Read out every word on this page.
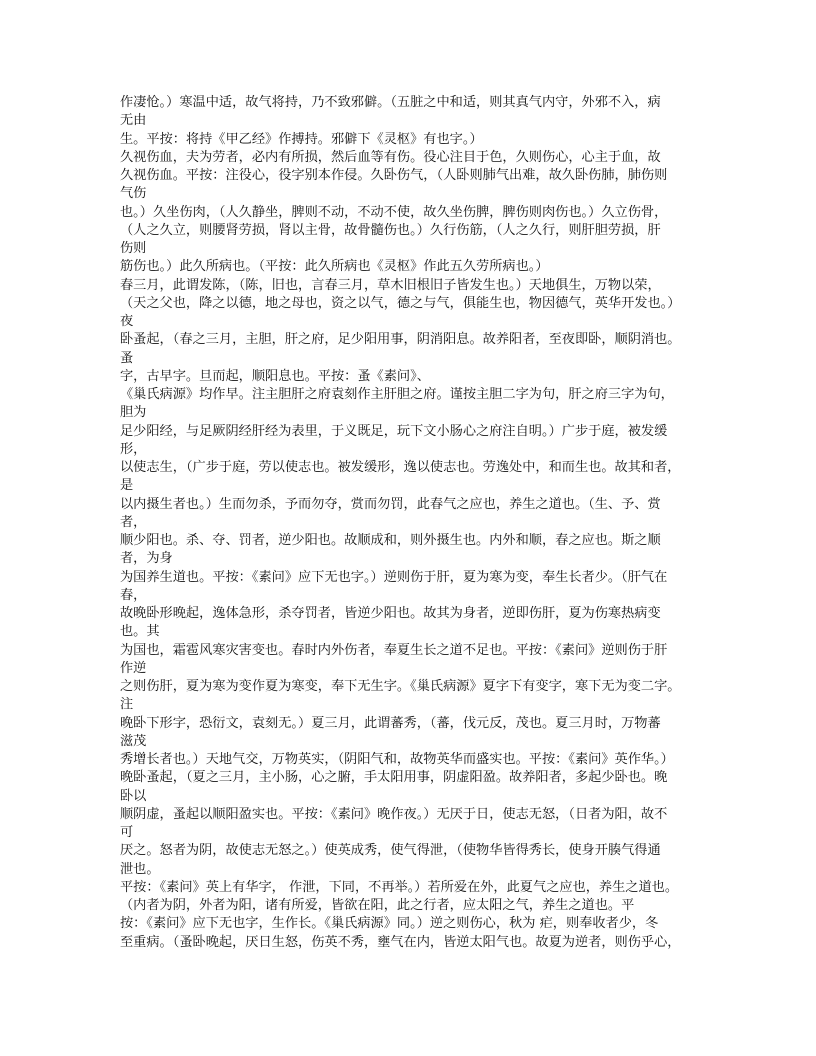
作凄怆。）寒温中适，故气将持，乃不致邪僻。（五脏之中和适，则其真气内守，外邪不入，病
无由
生。平按：将持《甲乙经》作搏持。邪僻下《灵枢》有也字。）
久视伤血，夫为劳者，必内有所损，然后血等有伤。役心注目于色，久则伤心，心主于血，故
久视伤血。平按：注役心，役字别本作侵。久卧伤气，（人卧则肺气出难，故久卧伤肺，肺伤则
气伤
也。）久坐伤肉，（人久静坐，脾则不动，不动不使，故久坐伤脾，脾伤则肉伤也。）久立伤骨，
（人之久立，则腰肾劳损，肾以主骨，故骨髓伤也。）久行伤筋，（人之久行，则肝胆劳损，肝
伤则
筋伤也。）此久所病也。（平按：此久所病也《灵枢》作此五久劳所病也。）
春三月，此谓发陈，（陈，旧也，言春三月，草木旧根旧子皆发生也。）天地俱生，万物以荣，
（天之父也，降之以德，地之母也，资之以气，德之与气，俱能生也，物因德气，英华开发也。）
夜
卧蚤起，（春之三月，主胆，肝之府，足少阳用事，阴消阳息。故养阳者，至夜即卧，顺阴消也。
蚤
字，古早字。旦而起，顺阳息也。平按：蚤《素问》、
《巢氏病源》均作早。注主胆肝之府袁刻作主肝胆之府。谨按主胆二字为句，肝之府三字为句，
胆为
足少阳经，与足厥阴经肝经为表里，于义既足，玩下文小肠心之府注自明。）广步于庭，被发缓
形，
以使志生，（广步于庭，劳以使志也。被发缓形，逸以使志也。劳逸处中，和而生也。故其和者，
是
以内摄生者也。）生而勿杀，予而勿夺，赏而勿罚，此春气之应也，养生之道也。（生、予、赏
者，
顺少阳也。杀、夺、罚者，逆少阳也。故顺成和，则外摄生也。内外和顺，春之应也。斯之顺
者，为身
为国养生道也。平按：《素问》应下无也字。）逆则伤于肝，夏为寒为变，奉生长者少。（肝气在
春，
故晚卧形晚起，逸体急形，杀夺罚者，皆逆少阳也。故其为身者，逆即伤肝，夏为伤寒热病变
也。其
为国也，霜雹风寒灾害变也。春时内外伤者，奉夏生长之道不足也。平按：《素问》逆则伤于肝
作逆
之则伤肝，夏为寒为变作夏为寒变，奉下无生字。《巢氏病源》夏字下有变字，寒下无为变二字。
注
晚卧下形字，恐衍文，袁刻无。）夏三月，此谓蕃秀，（蕃，伐元反，茂也。夏三月时，万物蕃
滋茂
秀增长者也。）天地气交，万物英实，（阴阳气和，故物英华而盛实也。平按：《素问》英作华。）
晚卧蚤起，（夏之三月，主小肠，心之腑，手太阳用事，阴虚阳盈。故养阳者，多起少卧也。晚
卧以
顺阴虚，蚤起以顺阳盈实也。平按：《素问》晚作夜。）无厌于日，使志无怒，（日者为阳，故不
可
厌之。怒者为阴，故使志无怒之。）使英成秀，使气得泄，（使物华皆得秀长，使身开腠气得通
泄也。
平按：《素问》英上有华字， 作泄，下同，不再举。）若所爱在外，此夏气之应也，养生之道也。
（内者为阴，外者为阳，诸有所爱，皆欲在阳，此之行者，应太阳之气，养生之道也。平
按：《素问》应下无也字，生作长。《巢氏病源》同。）逆之则伤心，秋为 疟，则奉收者少，冬
至重病。（蚤卧晚起，厌日生怒，伤英不秀，壅气在内，皆逆太阳气也。故夏为逆者，则伤乎心，
